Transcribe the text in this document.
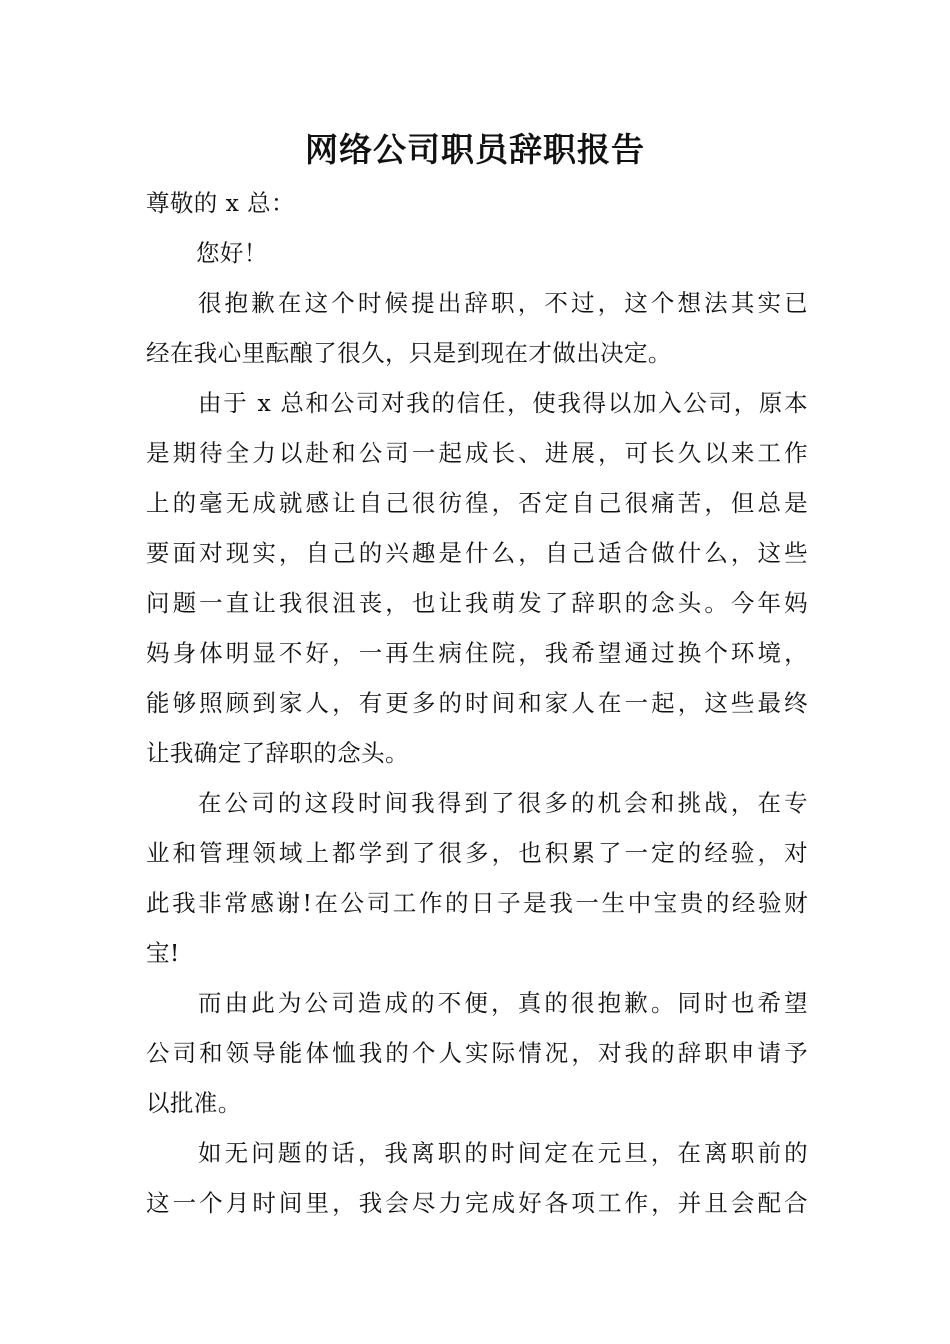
网络公司职员辞职报告
尊敬的 x 总：
您好！
很抱歉在这个时候提出辞职，不过，这个想法其实已
经在我心里酝酿了很久，只是到现在才做出决定。
由于 x 总和公司对我的信任，使我得以加入公司，原本
是期待全力以赴和公司一起成长、进展，可长久以来工作
上的毫无成就感让自己很彷徨，否定自己很痛苦，但总是
要面对现实，自己的兴趣是什么，自己适合做什么，这些
问题一直让我很沮丧，也让我萌发了辞职的念头。今年妈
妈身体明显不好，一再生病住院，我希望通过换个环境，
能够照顾到家人，有更多的时间和家人在一起，这些最终
让我确定了辞职的念头。
在公司的这段时间我得到了很多的机会和挑战，在专
业和管理领域上都学到了很多，也积累了一定的经验，对
此我非常感谢!在公司工作的日子是我一生中宝贵的经验财
宝!
而由此为公司造成的不便，真的很抱歉。同时也希望
公司和领导能体恤我的个人实际情况，对我的辞职申请予
以批准。
如无问题的话，我离职的时间定在元旦，在离职前的
这一个月时间里，我会尽力完成好各项工作，并且会配合
